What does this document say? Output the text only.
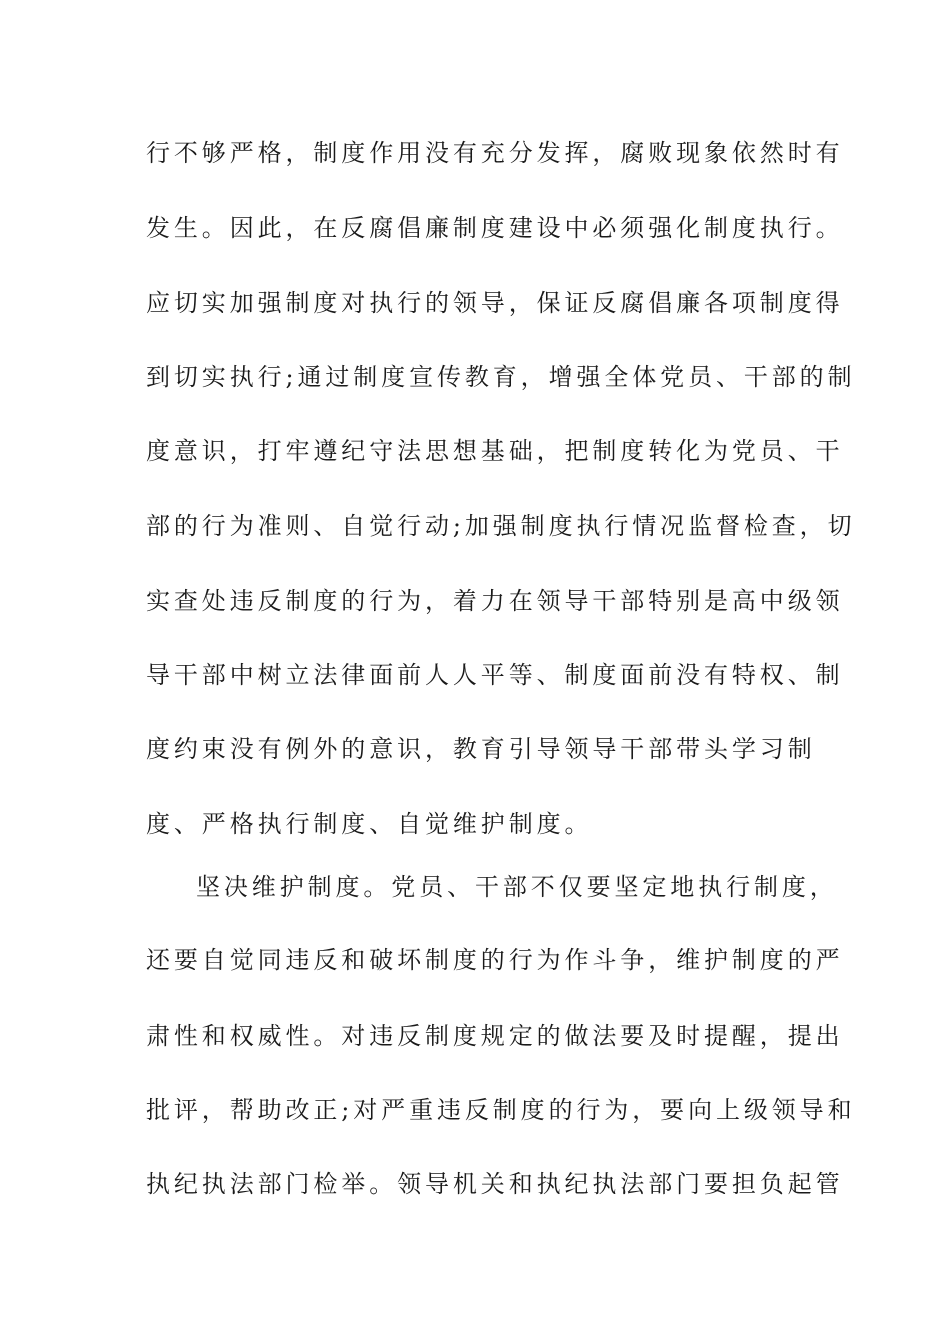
行不够严格，制度作用没有充分发挥，腐败现象依然时有
发生。因此，在反腐倡廉制度建设中必须强化制度执行。
应切实加强制度对执行的领导，保证反腐倡廉各项制度得
到切实执行;通过制度宣传教育，增强全体党员、干部的制
度意识，打牢遵纪守法思想基础，把制度转化为党员、干
部的行为准则、自觉行动;加强制度执行情况监督检查，切
实查处违反制度的行为，着力在领导干部特别是高中级领
导干部中树立法律面前人人平等、制度面前没有特权、制
度约束没有例外的意识，教育引导领导干部带头学习制
度、严格执行制度、自觉维护制度。
坚决维护制度。党员、干部不仅要坚定地执行制度，
还要自觉同违反和破坏制度的行为作斗争，维护制度的严
肃性和权威性。对违反制度规定的做法要及时提醒，提出
批评，帮助改正;对严重违反制度的行为，要向上级领导和
执纪执法部门检举。领导机关和执纪执法部门要担负起管
